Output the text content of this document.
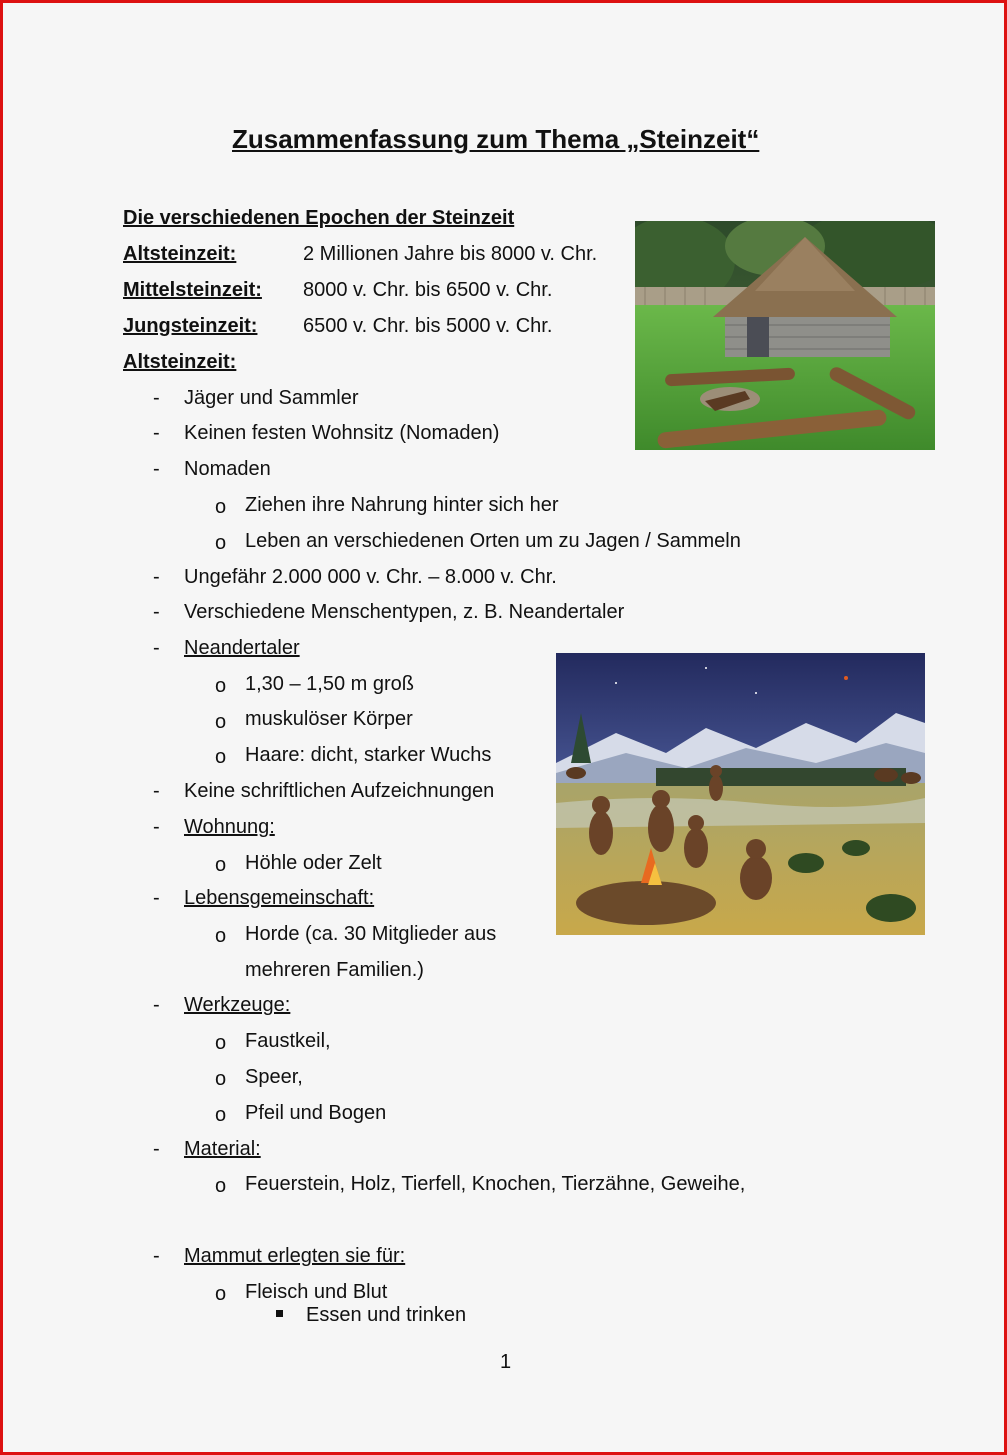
Zusammenfassung zum Thema „Steinzeit“
Die verschiedenen Epochen der Steinzeit
Altsteinzeit:	2 Millionen Jahre bis 8000 v. Chr.
Mittelsteinzeit: 8000 v. Chr. bis 6500 v. Chr.
Jungsteinzeit: 6500 v. Chr. bis 5000 v. Chr.
Altsteinzeit:
- Jäger und Sammler
- Keinen festen Wohnsitz (Nomaden)
- Nomaden
o Ziehen ihre Nahrung hinter sich her
o Leben an verschiedenen Orten um zu Jagen / Sammeln
- Ungefähr 2.000 000 v. Chr. – 8.000 v. Chr.
- Verschiedene Menschentypen, z. B. Neandertaler
- Neandertaler
o 1,30 – 1,50 m groß
o muskulöser Körper
o Haare: dicht, starker Wuchs
- Keine schriftlichen Aufzeichnungen
- Wohnung:
o Höhle oder Zelt
- Lebensgemeinschaft:
o Horde (ca. 30 Mitglieder aus
mehreren Familien.)
- Werkzeuge:
o Faustkeil,
o Speer,
o Pfeil und Bogen
- Material:
o Feuerstein, Holz, Tierfell, Knochen, Tierzähne, Geweihe,
- Mammut erlegten sie für:
o Fleisch und Blut
Essen und trinken
1
